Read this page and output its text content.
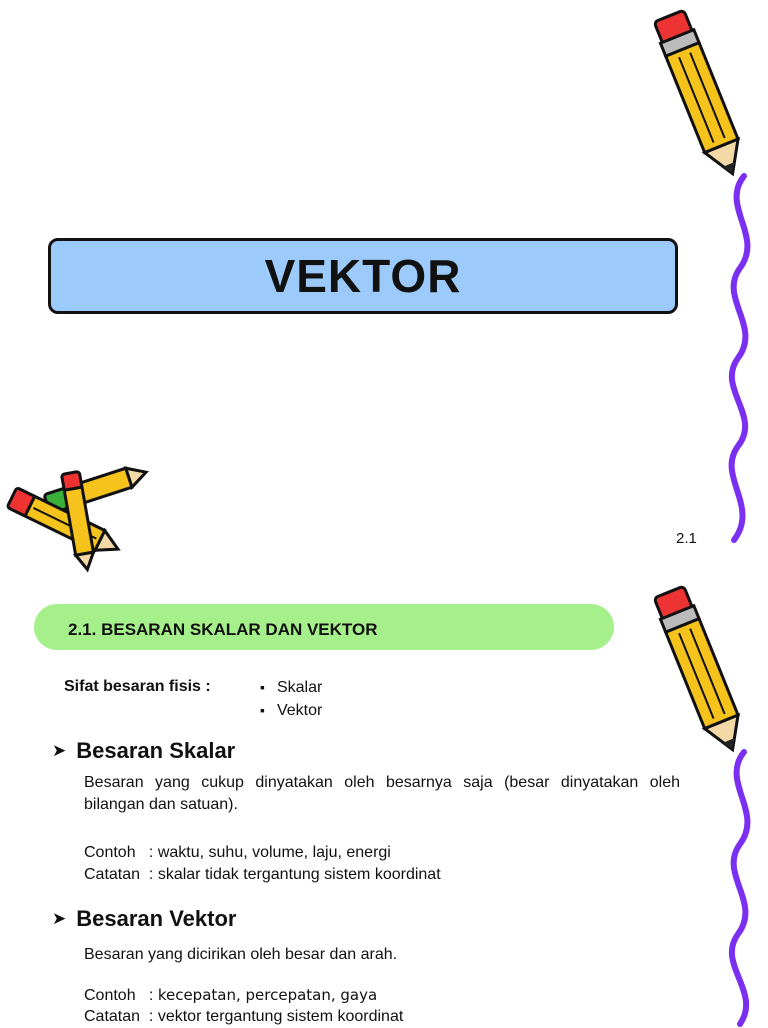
VEKTOR
2.1
2.1. BESARAN SKALAR DAN VEKTOR
Sifat besaran fisis :
▪	Skalar
▪ Vektor
➤ Besaran Skalar
Besaran yang cukup dinyatakan oleh besarnya saja (besar dinyatakan oleh bilangan dan satuan).
Contoh   : waktu, suhu, volume, laju, energi
Catatan  : skalar tidak tergantung sistem koordinat
➤ Besaran Vektor
Besaran yang dicirikan oleh besar dan arah.
Contoh   : kecepatan, percepatan, gaya
Catatan  : vektor tergantung sistem koordinat
